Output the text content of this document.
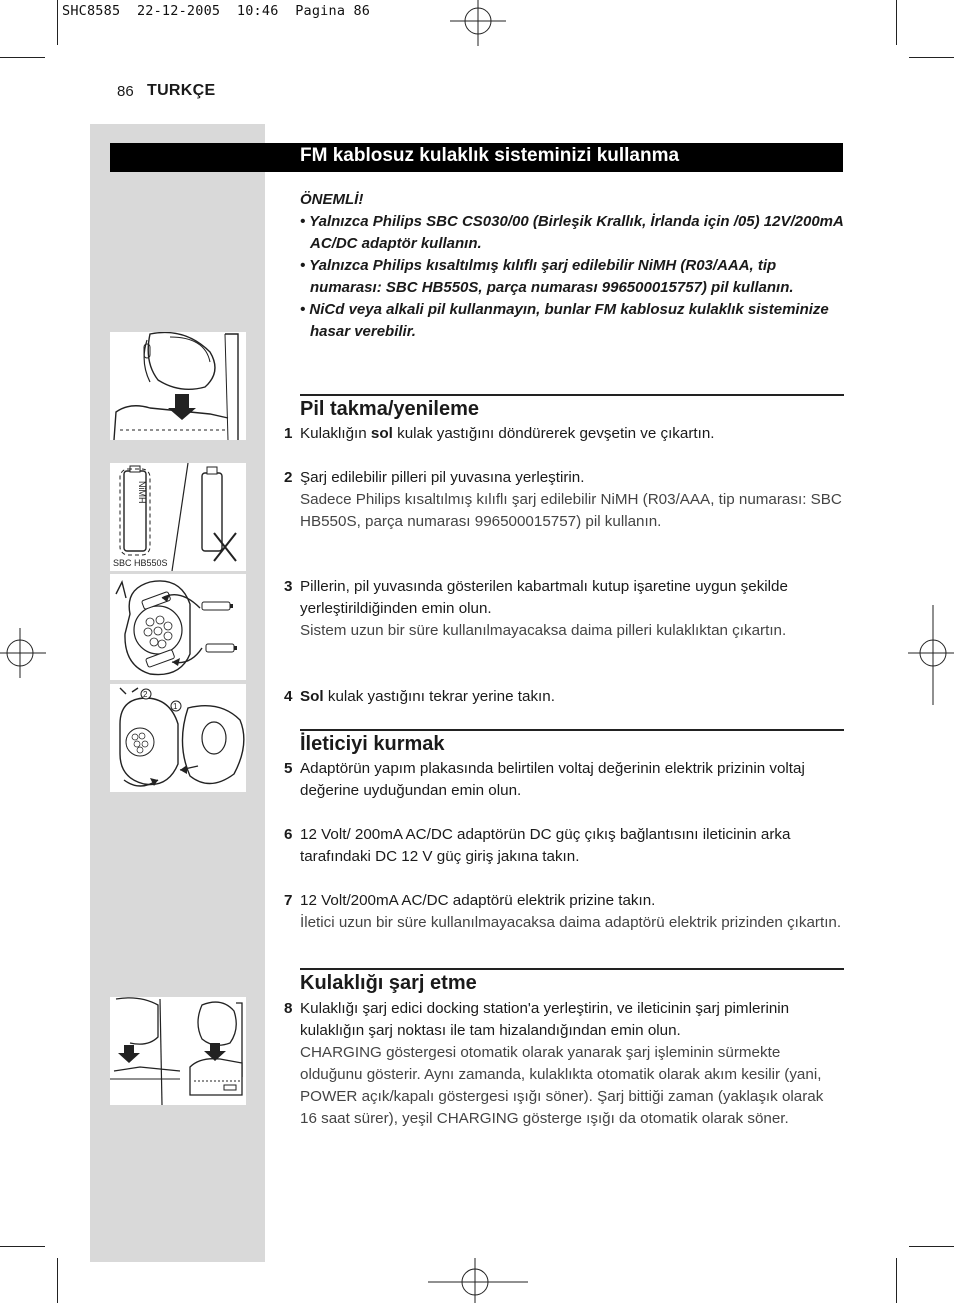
SHC8585 22-12-2005 10:46 Pagina 86
86 TURKÇE
FM kablosuz kulaklık sisteminizi kullanma
NiMH
SBC HB550S
2
1
ÖNEMLİ!
• Yalnızca Philips SBC CS030/00 (Birleşik Krallık, İrlanda için /05) 12V/200mA AC/DC adaptör kullanın.
• Yalnızca Philips kısaltılmış kılıflı şarj edilebilir NiMH (R03/AAA, tip numarası: SBC HB550S, parça numarası 996500015757) pil kullanın.
• NiCd veya alkali pil kullanmayın, bunlar FM kablosuz kulaklık sisteminize hasar verebilir.
Pil takma/yenileme
1 Kulaklığın sol kulak yastığını döndürerek gevşetin ve çıkartın.
2 Şarj edilebilir pilleri pil yuvasına yerleştirin.
Sadece Philips kısaltılmış kılıflı şarj edilebilir NiMH (R03/AAA, tip numarası: SBC HB550S, parça numarası 996500015757) pil kullanın.
3 Pillerin, pil yuvasında gösterilen kabartmalı kutup işaretine uygun şekilde yerleştirildiğinden emin olun.
Sistem uzun bir süre kullanılmayacaksa daima pilleri kulaklıktan çıkartın.
4 Sol kulak yastığını tekrar yerine takın.
İleticiyi kurmak
5 Adaptörün yapım plakasında belirtilen voltaj değerinin elektrik prizinin voltaj değerine uyduğundan emin olun.
6 12 Volt/ 200mA AC/DC adaptörün DC güç çıkış bağlantısını ileticinin arka tarafındaki DC 12 V güç giriş jakına takın.
7 12 Volt/200mA AC/DC adaptörü elektrik prizine takın.
İletici uzun bir süre kullanılmayacaksa daima adaptörü elektrik prizinden çıkartın.
Kulaklığı şarj etme
8 Kulaklığı şarj edici docking station'a yerleştirin, ve ileticinin şarj pimlerinin kulaklığın şarj noktası ile tam hizalandığından emin olun.
CHARGING göstergesi otomatik olarak yanarak şarj işleminin sürmekte olduğunu gösterir. Aynı zamanda, kulaklıkta otomatik olarak akım kesilir (yani, POWER açık/kapalı göstergesi ışığı söner). Şarj bittiği zaman (yaklaşık olarak 16 saat sürer), yeşil CHARGING gösterge ışığı da otomatik olarak söner.
